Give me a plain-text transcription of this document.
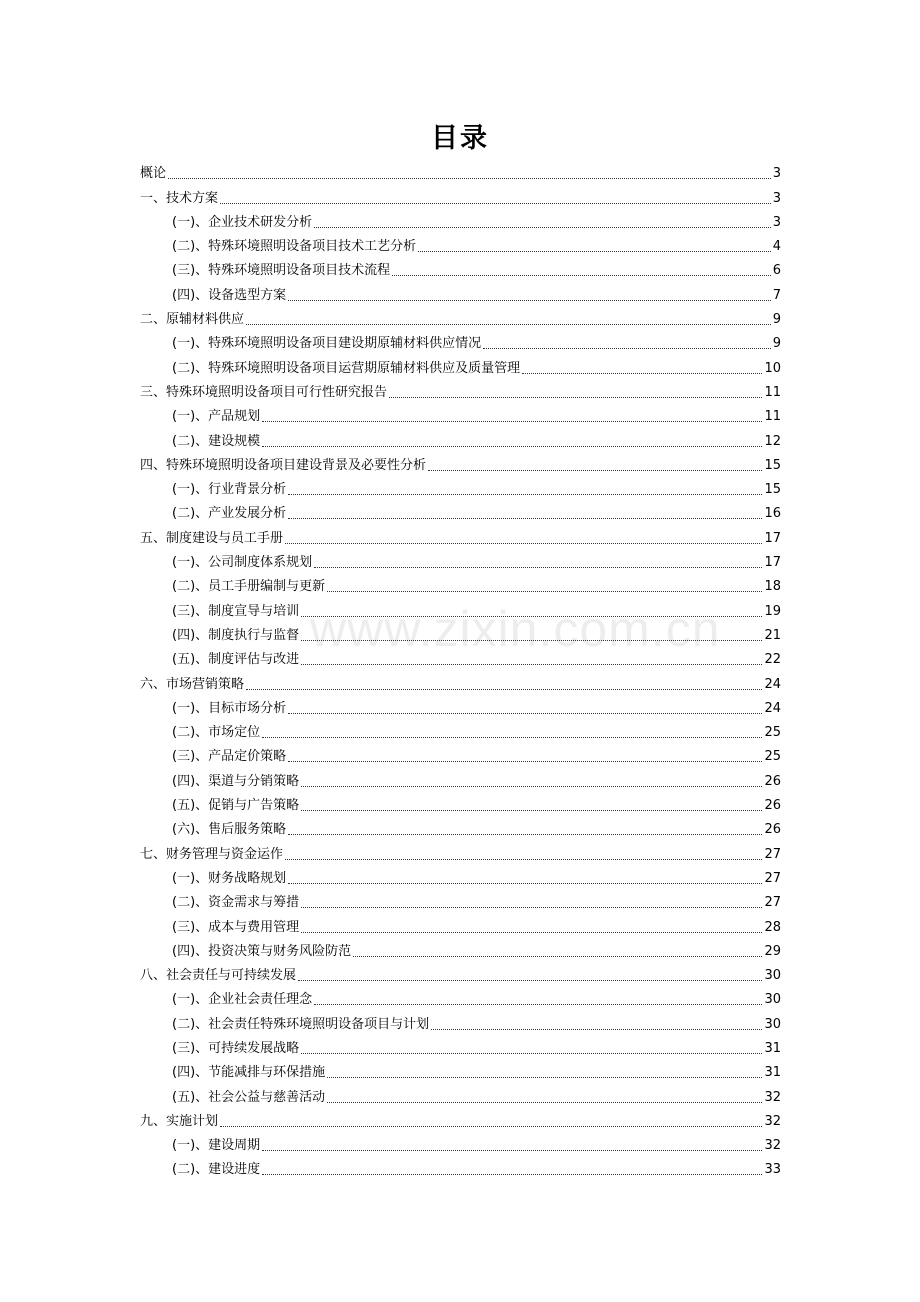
目录
www.zixin.com.cn
概论	3
一、技术方案	3
(一)、企业技术研发分析	3
(二)、特殊环境照明设备项目技术工艺分析	4
(三)、特殊环境照明设备项目技术流程	6
(四)、设备选型方案	7
二、原辅材料供应	9
(一)、特殊环境照明设备项目建设期原辅材料供应情况	9
(二)、特殊环境照明设备项目运营期原辅材料供应及质量管理	10
三、特殊环境照明设备项目可行性研究报告	11
(一)、产品规划	11
(二)、建设规模	12
四、特殊环境照明设备项目建设背景及必要性分析	15
(一)、行业背景分析	15
(二)、产业发展分析	16
五、制度建设与员工手册	17
(一)、公司制度体系规划	17
(二)、员工手册编制与更新	18
(三)、制度宣导与培训	19
(四)、制度执行与监督	21
(五)、制度评估与改进	22
六、市场营销策略	24
(一)、目标市场分析	24
(二)、市场定位	25
(三)、产品定价策略	25
(四)、渠道与分销策略	26
(五)、促销与广告策略	26
(六)、售后服务策略	26
七、财务管理与资金运作	27
(一)、财务战略规划	27
(二)、资金需求与筹措	27
(三)、成本与费用管理	28
(四)、投资决策与财务风险防范	29
八、社会责任与可持续发展	30
(一)、企业社会责任理念	30
(二)、社会责任特殊环境照明设备项目与计划	30
(三)、可持续发展战略	31
(四)、节能减排与环保措施	31
(五)、社会公益与慈善活动	32
九、实施计划	32
(一)、建设周期	32
(二)、建设进度	33
